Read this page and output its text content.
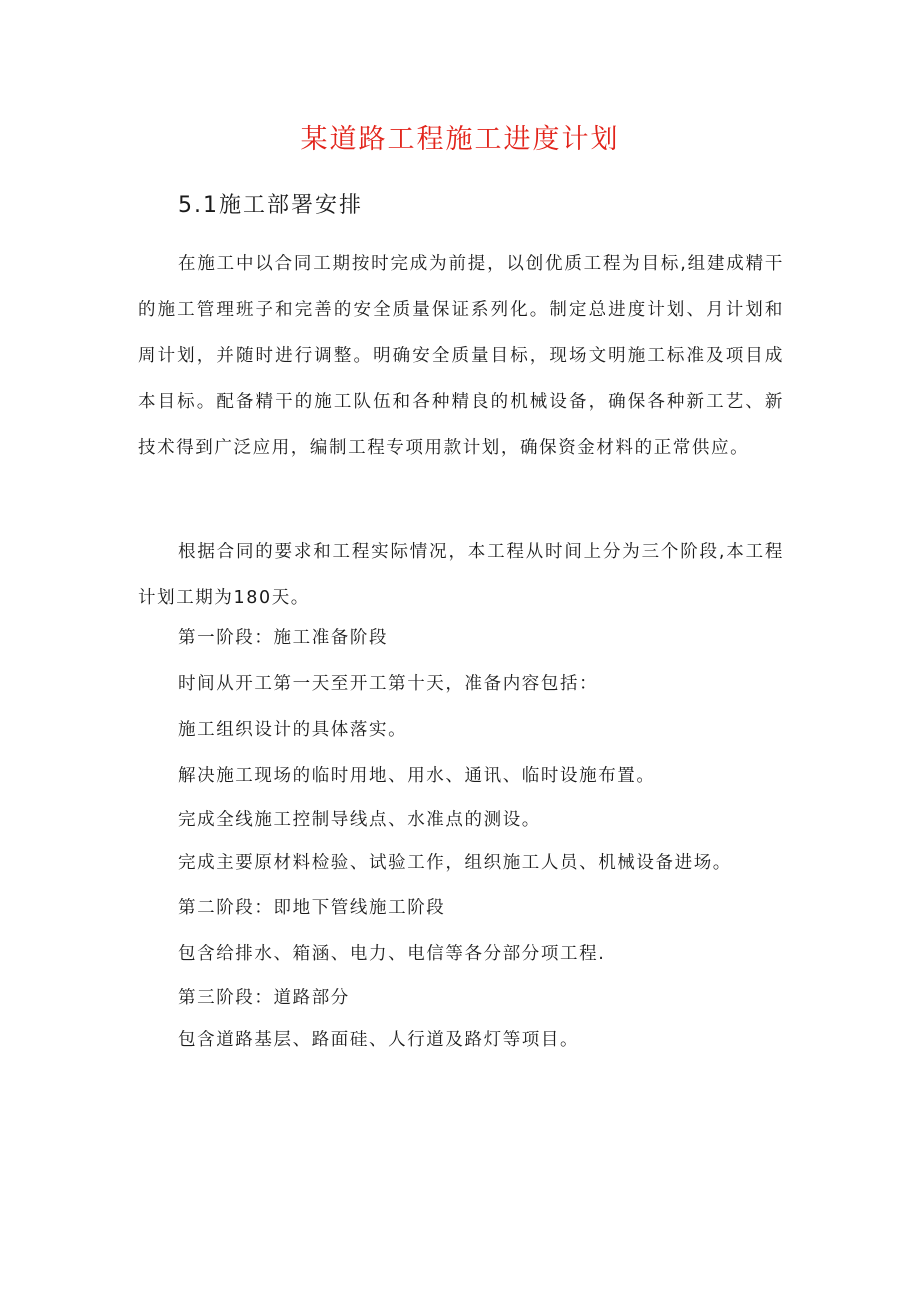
某道路工程施工进度计划
5.1施工部署安排

在施工中以合同工期按时完成为前提，以创优质工程为目标,组建成精干的施工管理班子和完善的安全质量保证系列化。制定总进度计划、月计划和周计划，并随时进行调整。明确安全质量目标，现场文明施工标准及项目成本目标。配备精干的施工队伍和各种精良的机械设备，确保各种新工艺、新技术得到广泛应用，编制工程专项用款计划，确保资金材料的正常供应。

根据合同的要求和工程实际情况，本工程从时间上分为三个阶段,本工程计划工期为180天。

第一阶段：施工准备阶段
时间从开工第一天至开工第十天，准备内容包括：
施工组织设计的具体落实。
解决施工现场的临时用地、用水、通讯、临时设施布置。
完成全线施工控制导线点、水准点的测设。
完成主要原材料检验、试验工作，组织施工人员、机械设备进场。
第二阶段：即地下管线施工阶段
包含给排水、箱涵、电力、电信等各分部分项工程.
第三阶段：道路部分
包含道路基层、路面硅、人行道及路灯等项目。
